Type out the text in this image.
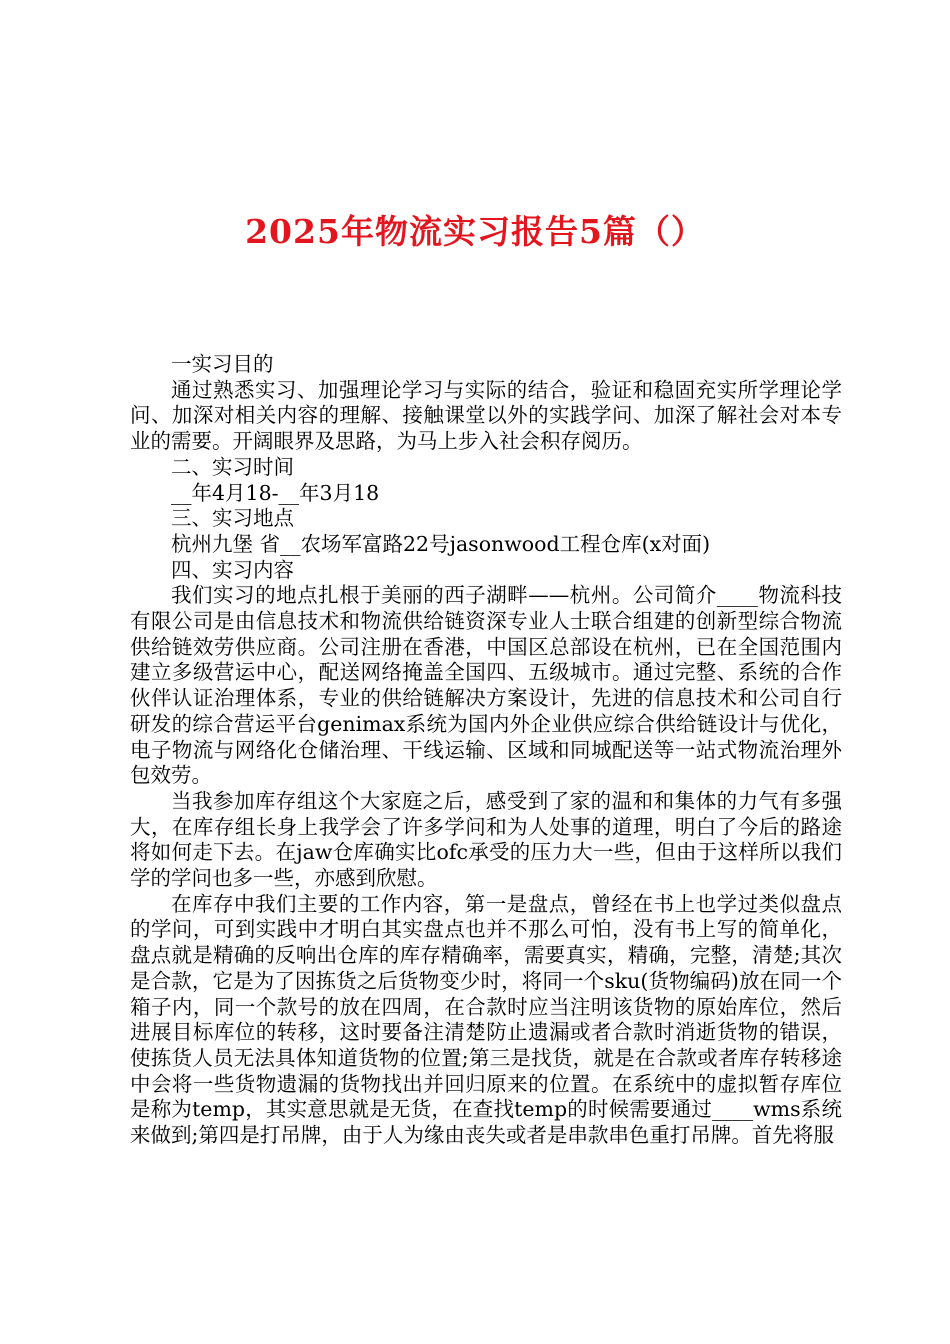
2025年物流实习报告5篇（）

一实习目的

通过熟悉实习、加强理论学习与实际的结合，验证和稳固充实所学理论学问、加深对相关内容的理解、接触课堂以外的实践学问、加深了解社会对本专业的需要。开阔眼界及思路，为马上步入社会积存阅历。

二、实习时间

__年4月18-__年3月18

三、实习地点

杭州九堡 省__农场军富路22号jasonwood工程仓库(x对面)

四、实习内容

我们实习的地点扎根于美丽的西子湖畔——杭州。公司简介____物流科技有限公司是由信息技术和物流供给链资深专业人士联合组建的创新型综合物流供给链效劳供应商。公司注册在香港，中国区总部设在杭州，已在全国范围内建立多级营运中心，配送网络掩盖全国四、五级城市。通过完整、系统的合作伙伴认证治理体系，专业的供给链解决方案设计，先进的信息技术和公司自行研发的综合营运平台genimax系统为国内外企业供应综合供给链设计与优化，电子物流与网络化仓储治理、干线运输、区域和同城配送等一站式物流治理外包效劳。

当我参加库存组这个大家庭之后，感受到了家的温和和集体的力气有多强大，在库存组长身上我学会了许多学问和为人处事的道理，明白了今后的路途将如何走下去。在jaw仓库确实比ofc承受的压力大一些，但由于这样所以我们学的学问也多一些，亦感到欣慰。

在库存中我们主要的工作内容，第一是盘点，曾经在书上也学过类似盘点的学问，可到实践中才明白其实盘点也并不那么可怕，没有书上写的简单化，盘点就是精确的反响出仓库的库存精确率，需要真实，精确，完整，清楚;其次是合款，它是为了因拣货之后货物变少时，将同一个sku(货物编码)放在同一个箱子内，同一个款号的放在四周，在合款时应当注明该货物的原始库位，然后进展目标库位的转移，这时要备注清楚防止遗漏或者合款时消逝货物的错误，使拣货人员无法具体知道货物的位置;第三是找货，就是在合款或者库存转移途中会将一些货物遗漏的货物找出并回归原来的位置。在系统中的虚拟暂存库位是称为temp，其实意思就是无货，在查找temp的时候需要通过____wms系统来做到;第四是打吊牌，由于人为缘由丧失或者是串款串色重打吊牌。首先将服
